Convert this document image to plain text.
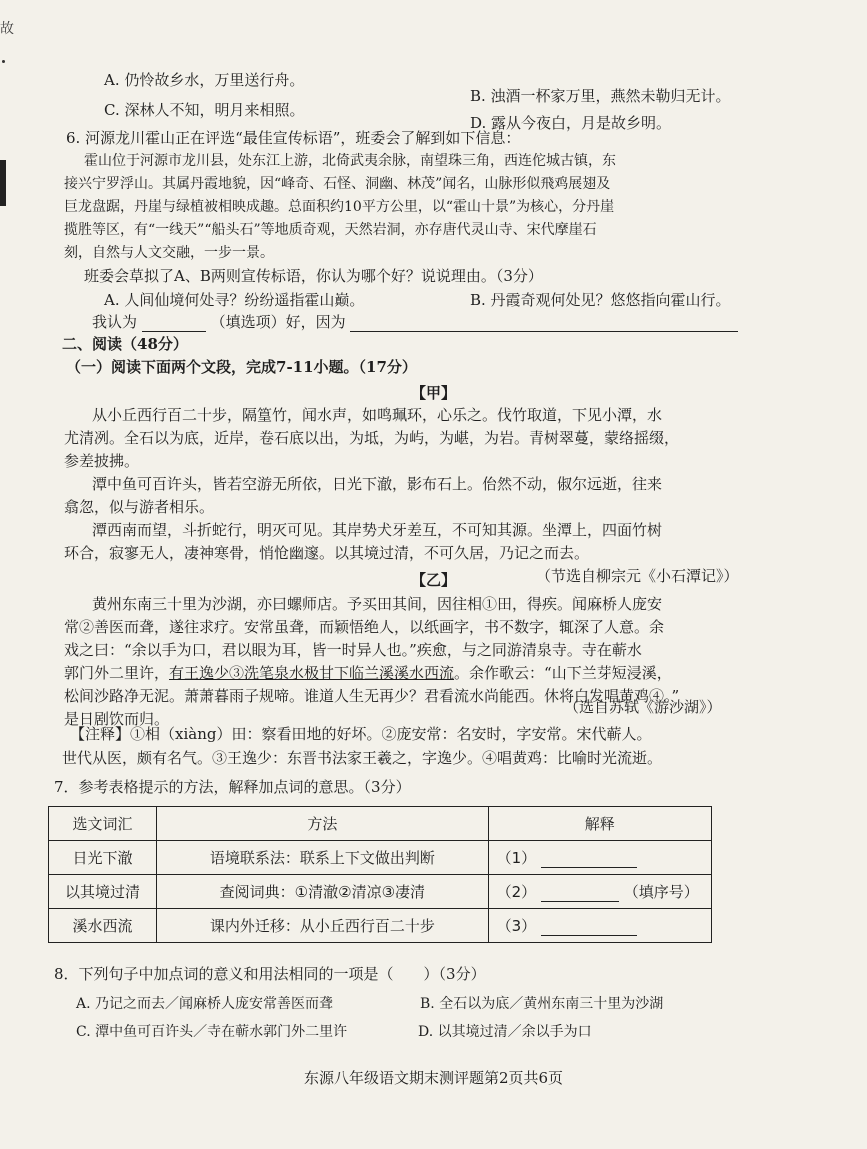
故
A. 仍怜故乡水，万里送行舟。
C. 深林人不知，明月来相照。
B. 浊酒一杯家万里，燕然未勒归无计。
D. 露从今夜白，月是故乡明。
6. 河源龙川霍山正在评选“最佳宣传标语”，班委会了解到如下信息：
霍山位于河源市龙川县，处东江上游，北倚武夷余脉，南望珠三角，西连佗城古镇，东
接兴宁罗浮山。其属丹霞地貌，因“峰奇、石怪、洞幽、林茂”闻名，山脉形似飛鸡展翅及
巨龙盘踞，丹崖与绿植被相映成趣。总面积约10平方公里，以“霍山十景”为核心，分丹崖
揽胜等区，有“一线天”“船头石”等地质奇观，天然岩洞，亦存唐代灵山寺、宋代摩崖石
刻，自然与人文交融，一步一景。
班委会草拟了A、B两则宣传标语，你认为哪个好？说说理由。（3分）
A. 人间仙境何处寻？纷纷遥指霍山巅。	B. 丹霞奇观何处见？悠悠指向霍山行。
我认为	（填选项）好，因为
二、阅读（48分）
（一）阅读下面两个文段，完成7-11小题。（17分）
【甲】
从小丘西行百二十步，隔篁竹，闻水声，如鸣珮环，心乐之。伐竹取道，下见小潭，水
尤清冽。全石以为底，近岸，卷石底以出，为坻，为屿，为嵁，为岩。青树翠蔓，蒙络摇缀，
参差披拂。
潭中鱼可百许头，皆若空游无所依，日光下澈，影布石上。佁然不动，俶尔远逝，往来
翕忽，似与游者相乐。
潭西南而望，斗折蛇行，明灭可见。其岸势犬牙差互，不可知其源。坐潭上，四面竹树
环合，寂寥无人，凄神寒骨，悄怆幽邃。以其境过清，不可久居，乃记之而去。
（节选自柳宗元《小石潭记》）
【乙】
黄州东南三十里为沙湖，亦曰螺师店。予买田其间，因往相①田，得疾。闻麻桥人庞安
常②善医而聋，遂往求疗。安常虽聋，而颖悟绝人，以纸画字，书不数字，辄深了人意。余
戏之曰：“余以手为口，君以眼为耳，皆一时异人也。”疾愈，与之同游清泉寺。寺在蕲水
郭门外二里许，有王逸少③洗笔泉水极甘下临兰溪溪水西流。余作歌云：“山下兰芽短浸溪，
松间沙路净无泥。萧萧暮雨子规啼。谁道人生无再少？君看流水尚能西。休将白发唱黄鸡④。”
是日剧饮而归。
（选自苏轼《游沙湖》）
【注释】①相（xiàng）田：察看田地的好坏。②庞安常：名安时，字安常。宋代蕲人。
世代从医，颇有名气。③王逸少：东晋书法家王羲之，字逸少。④唱黄鸡：比喻时光流逝。
7．参考表格提示的方法，解释加点词的意思。（3分）
选文词汇	方法	解释
日光下澈	语境联系法：联系上下文做出判断	（1）
以其境过清	查阅词典：①清澈②清凉③凄清	（2） （填序号）
溪水西流	课内外迁移：从小丘西行百二十步	（3）
8．下列句子中加点词的意义和用法相同的一项是（　　）（3分）
A. 乃记之而去／闻麻桥人庞安常善医而聋	B. 全石以为底／黄州东南三十里为沙湖
C. 潭中鱼可百许头／寺在蕲水郭门外二里许	D. 以其境过清／余以手为口
东源八年级语文期末测评题第2页共6页
